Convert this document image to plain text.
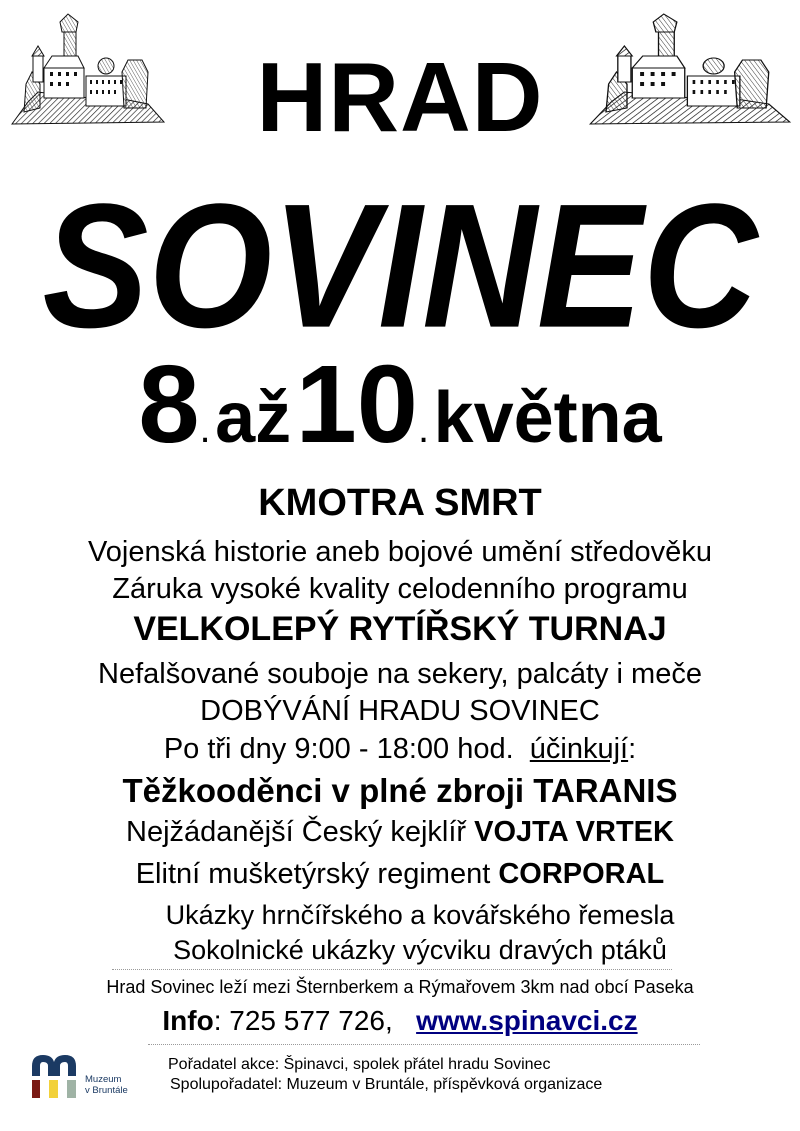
HRAD
SOVINEC
8. až 10. května
KMOTRA SMRT
Vojenská historie aneb bojové umění středověku
Záruka vysoké kvality celodenního programu
VELKOLEPÝ RYTÍŘSKÝ TURNAJ
Nefalšované souboje na sekery, palcáty i meče
DOBÝVÁNÍ HRADU SOVINEC
Po tři dny 9:00 - 18:00 hod. účinkují:
Těžkooděnci v plné zbroji TARANIS
Nejžádanější Český kejklíř VOJTA VRTEK
Elitní mušketýrský regiment CORPORAL
Ukázky hrnčířského a kovářského řemesla
Sokolnické ukázky výcviku dravých ptáků
Hrad Sovinec leží mezi Šternberkem a Rýmařovem 3km nad obcí Paseka
Info: 725 577 726, www.spinavci.cz
Muzeum
v Bruntále
Pořadatel akce: Špinavci, spolek přátel hradu Sovinec
Spolupořadatel: Muzeum v Bruntále, příspěvková organizace
